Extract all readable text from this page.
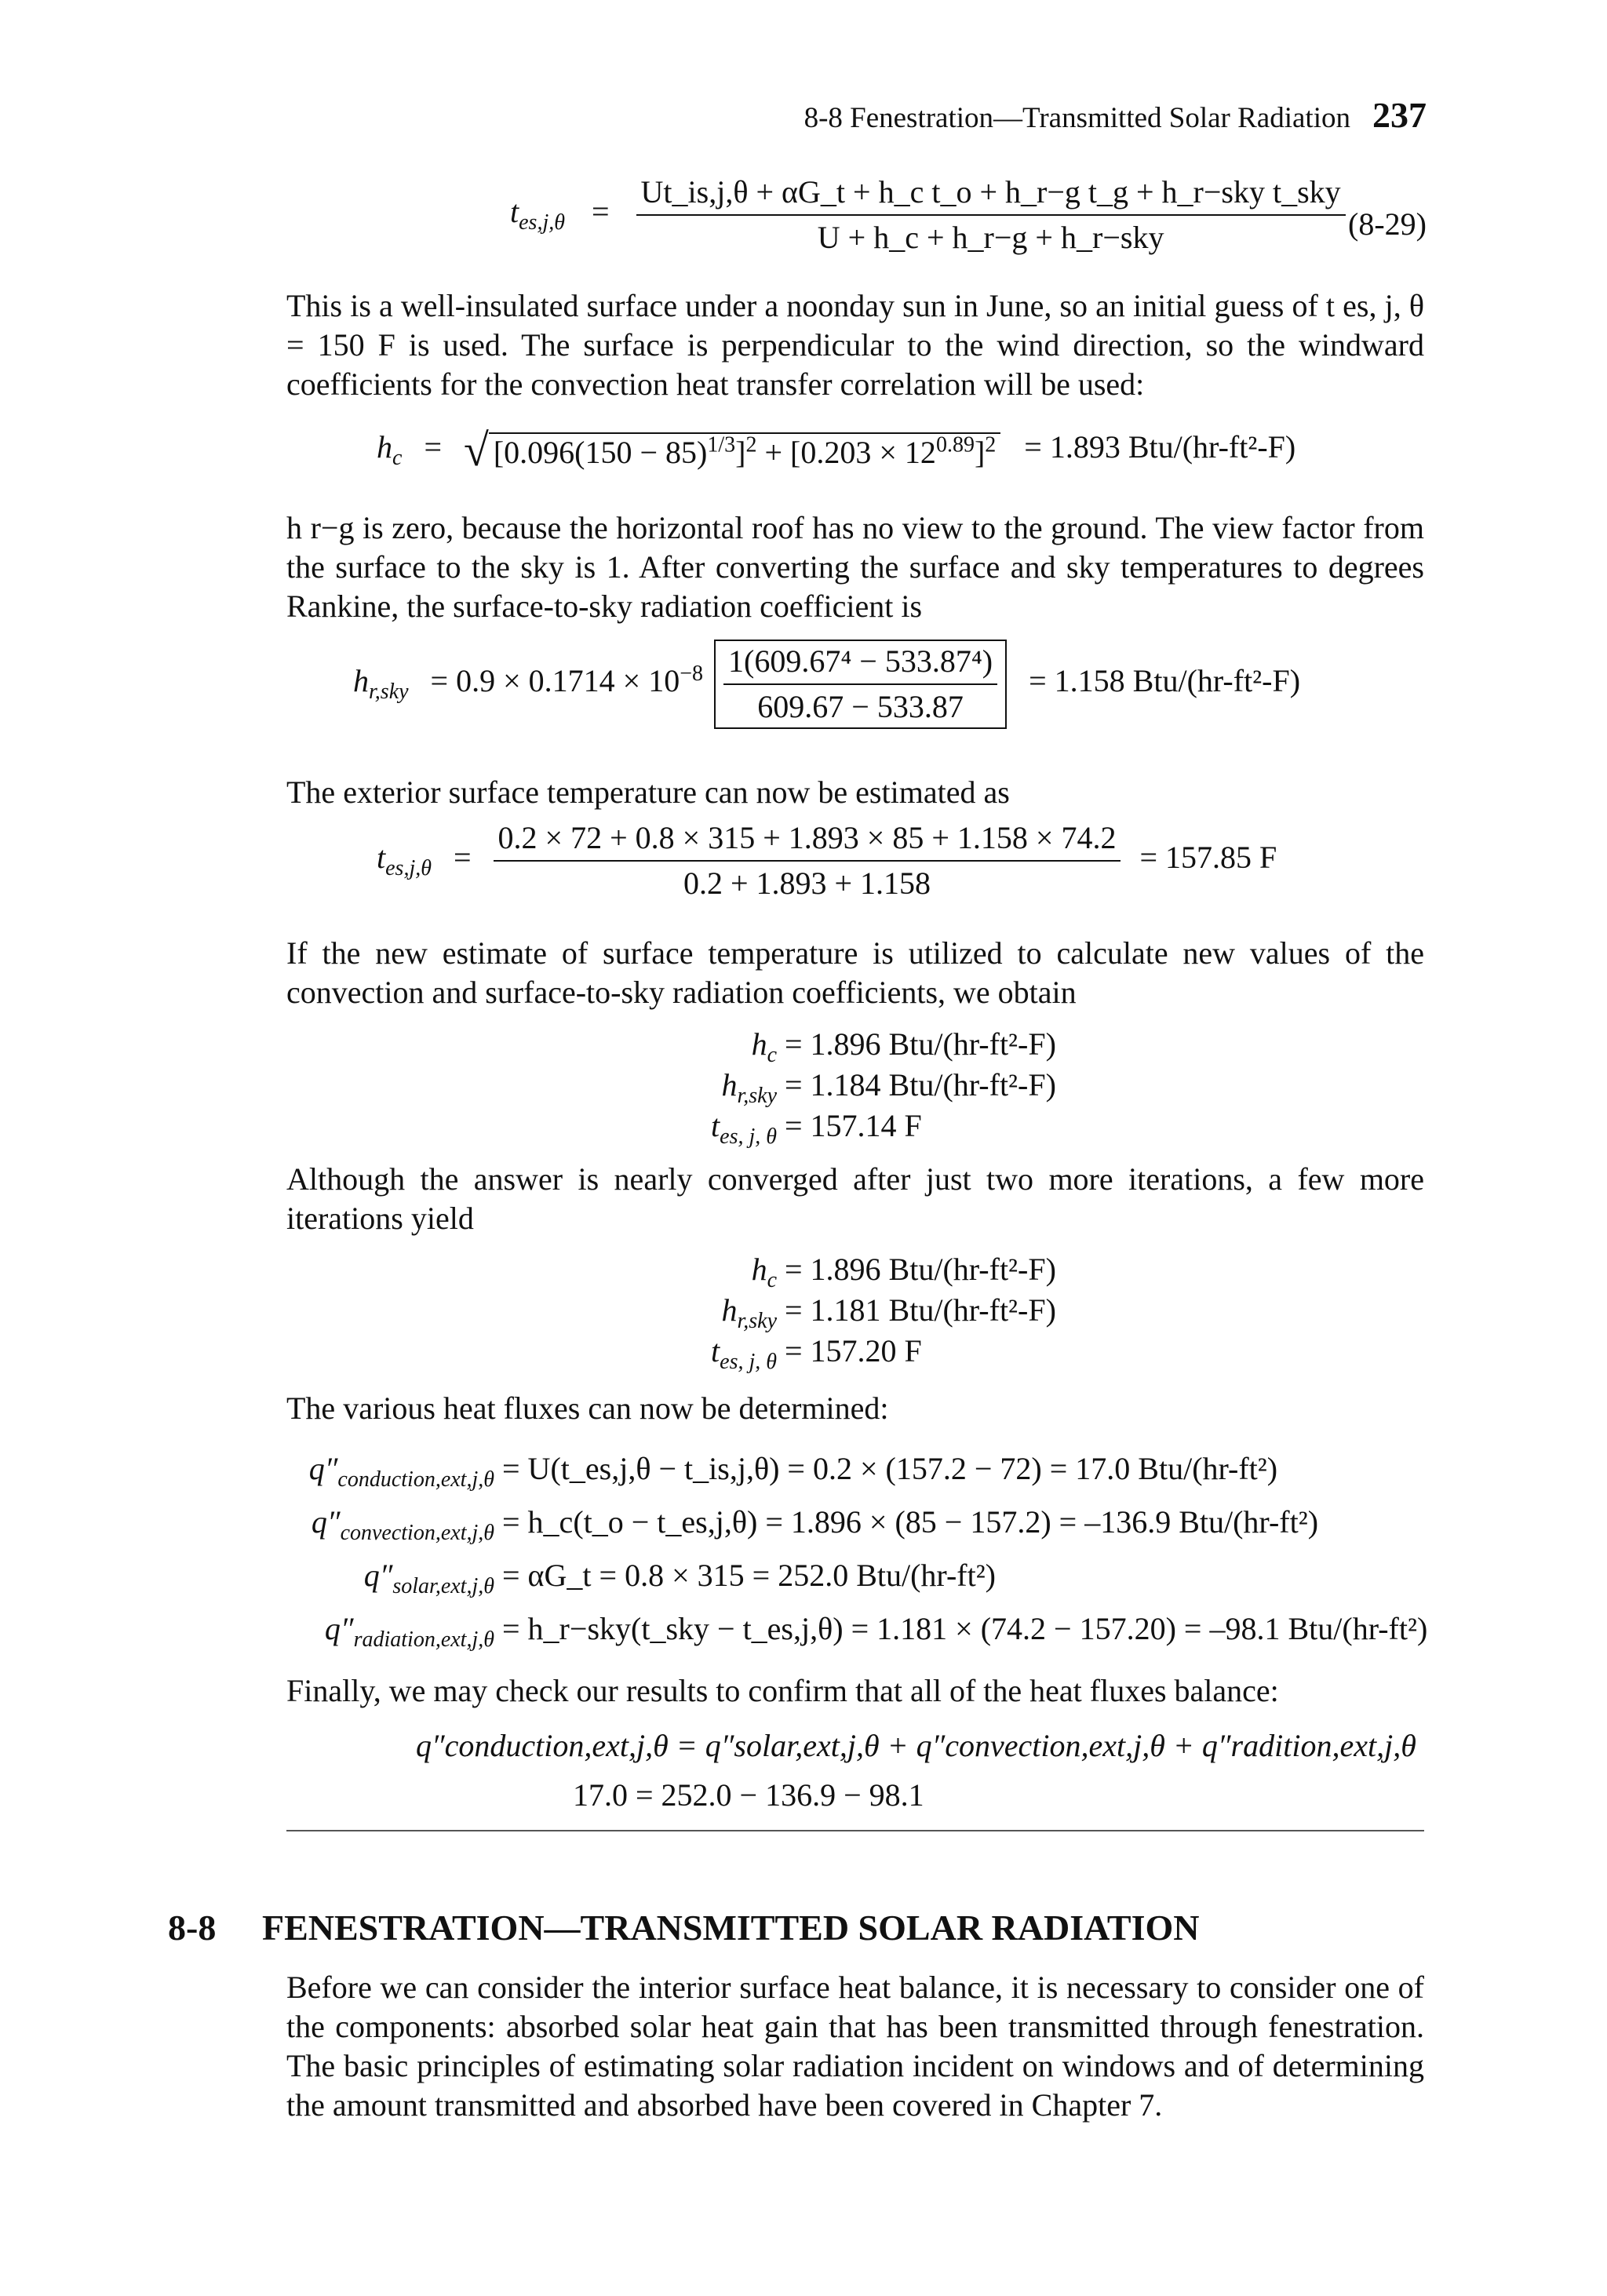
8-8 Fenestration—Transmitted Solar Radiation 237
$t_{es,j,\theta} = \frac{\text{Ut\_is,j,θ + αG\_t + h\_c t\_o + h\_r−g t\_g + h\_r−sky t\_sky}}{\text{U + h\_c + h\_r−g + h\_r−sky}} (8-29)$
This is a well-insulated surface under a noonday sun in June, so an initial guess of t es, j, θ = 150 F is used. The surface is perpendicular to the wind direction, so the windward coefficients for the convection heat transfer correlation will be used:
$h_c$ = √ $[0.096(150 - 85)^{1/3}]^2 + [0.203 \times 12^{0.89}]^2 = 1.893$ Btu/(hr-ft²-F)
h r−g is zero, because the horizontal roof has no view to the ground. The view factor from the surface to the sky is 1. After converting the surface and sky temperatures to degrees Rankine, the surface-to-sky radiation coefficient is
$h_{r,sky} = 0.9 \times 0.1714 \times 10^{-8} \frac{\text{1(609.67⁴ − 533.87⁴)}}{609.67 - 533.87} = 1.158$ Btu/(hr-ft²-F)
The exterior surface temperature can now be estimated as
$t_{es,j,\theta} = \frac{0.2 \times 72 + 0.8 \times 315 + 1.893 \times 85 + 1.158 \times 74.2}{0.2 + 1.893 + 1.158} = 157.85$ F
If the new estimate of surface temperature is utilized to calculate new values of the convection and surface-to-sky radiation coefficients, we obtain
$h_c = 1.896$ Btu/(hr-ft²-F)
$h_{r,sky} = 1.184$ Btu/(hr-ft²-F)
$t_{es, j, \theta} = 157.14$ F
Although the answer is nearly converged after just two more iterations, a few more iterations yield
$h_c = 1.896$ Btu/(hr-ft²-F)
$h_{r,sky} = 1.181$ Btu/(hr-ft²-F)
$t_{es, j, \theta} = 157.20$ F
The various heat fluxes can now be determined:
$q''_{conduction,ext,j,\theta}$ = U(t_es,j,θ − t_is,j,θ) = 0.2 × (157.2 − 72) = 17.0 Btu/(hr-ft²)
$q''_{convection,ext,j,\theta}$ = h_c(t_o − t_es,j,θ) = 1.896 × (85 − 157.2) = –136.9 Btu/(hr-ft²)
$q''_{solar,ext,j,\theta}$ = αG_t = 0.8 × 315 = 252.0 Btu/(hr-ft²)
$q''_{radiation,ext,j,\theta}$ = h_r−sky(t_sky − t_es,j,θ) = 1.181 × (74.2 − 157.20) = –98.1 Btu/(hr-ft²)
Finally, we may check our results to confirm that all of the heat fluxes balance:
q″conduction,ext,j,θ = q″solar,ext,j,θ + q″convection,ext,j,θ + q″radition,ext,j,θ
17.0 = 252.0 − 136.9 − 98.1
8-8 FENESTRATION—TRANSMITTED SOLAR RADIATION
Before we can consider the interior surface heat balance, it is necessary to consider one of the components: absorbed solar heat gain that has been transmitted through fenestration. The basic principles of estimating solar radiation incident on windows and of determining the amount transmitted and absorbed have been covered in Chapter 7.
